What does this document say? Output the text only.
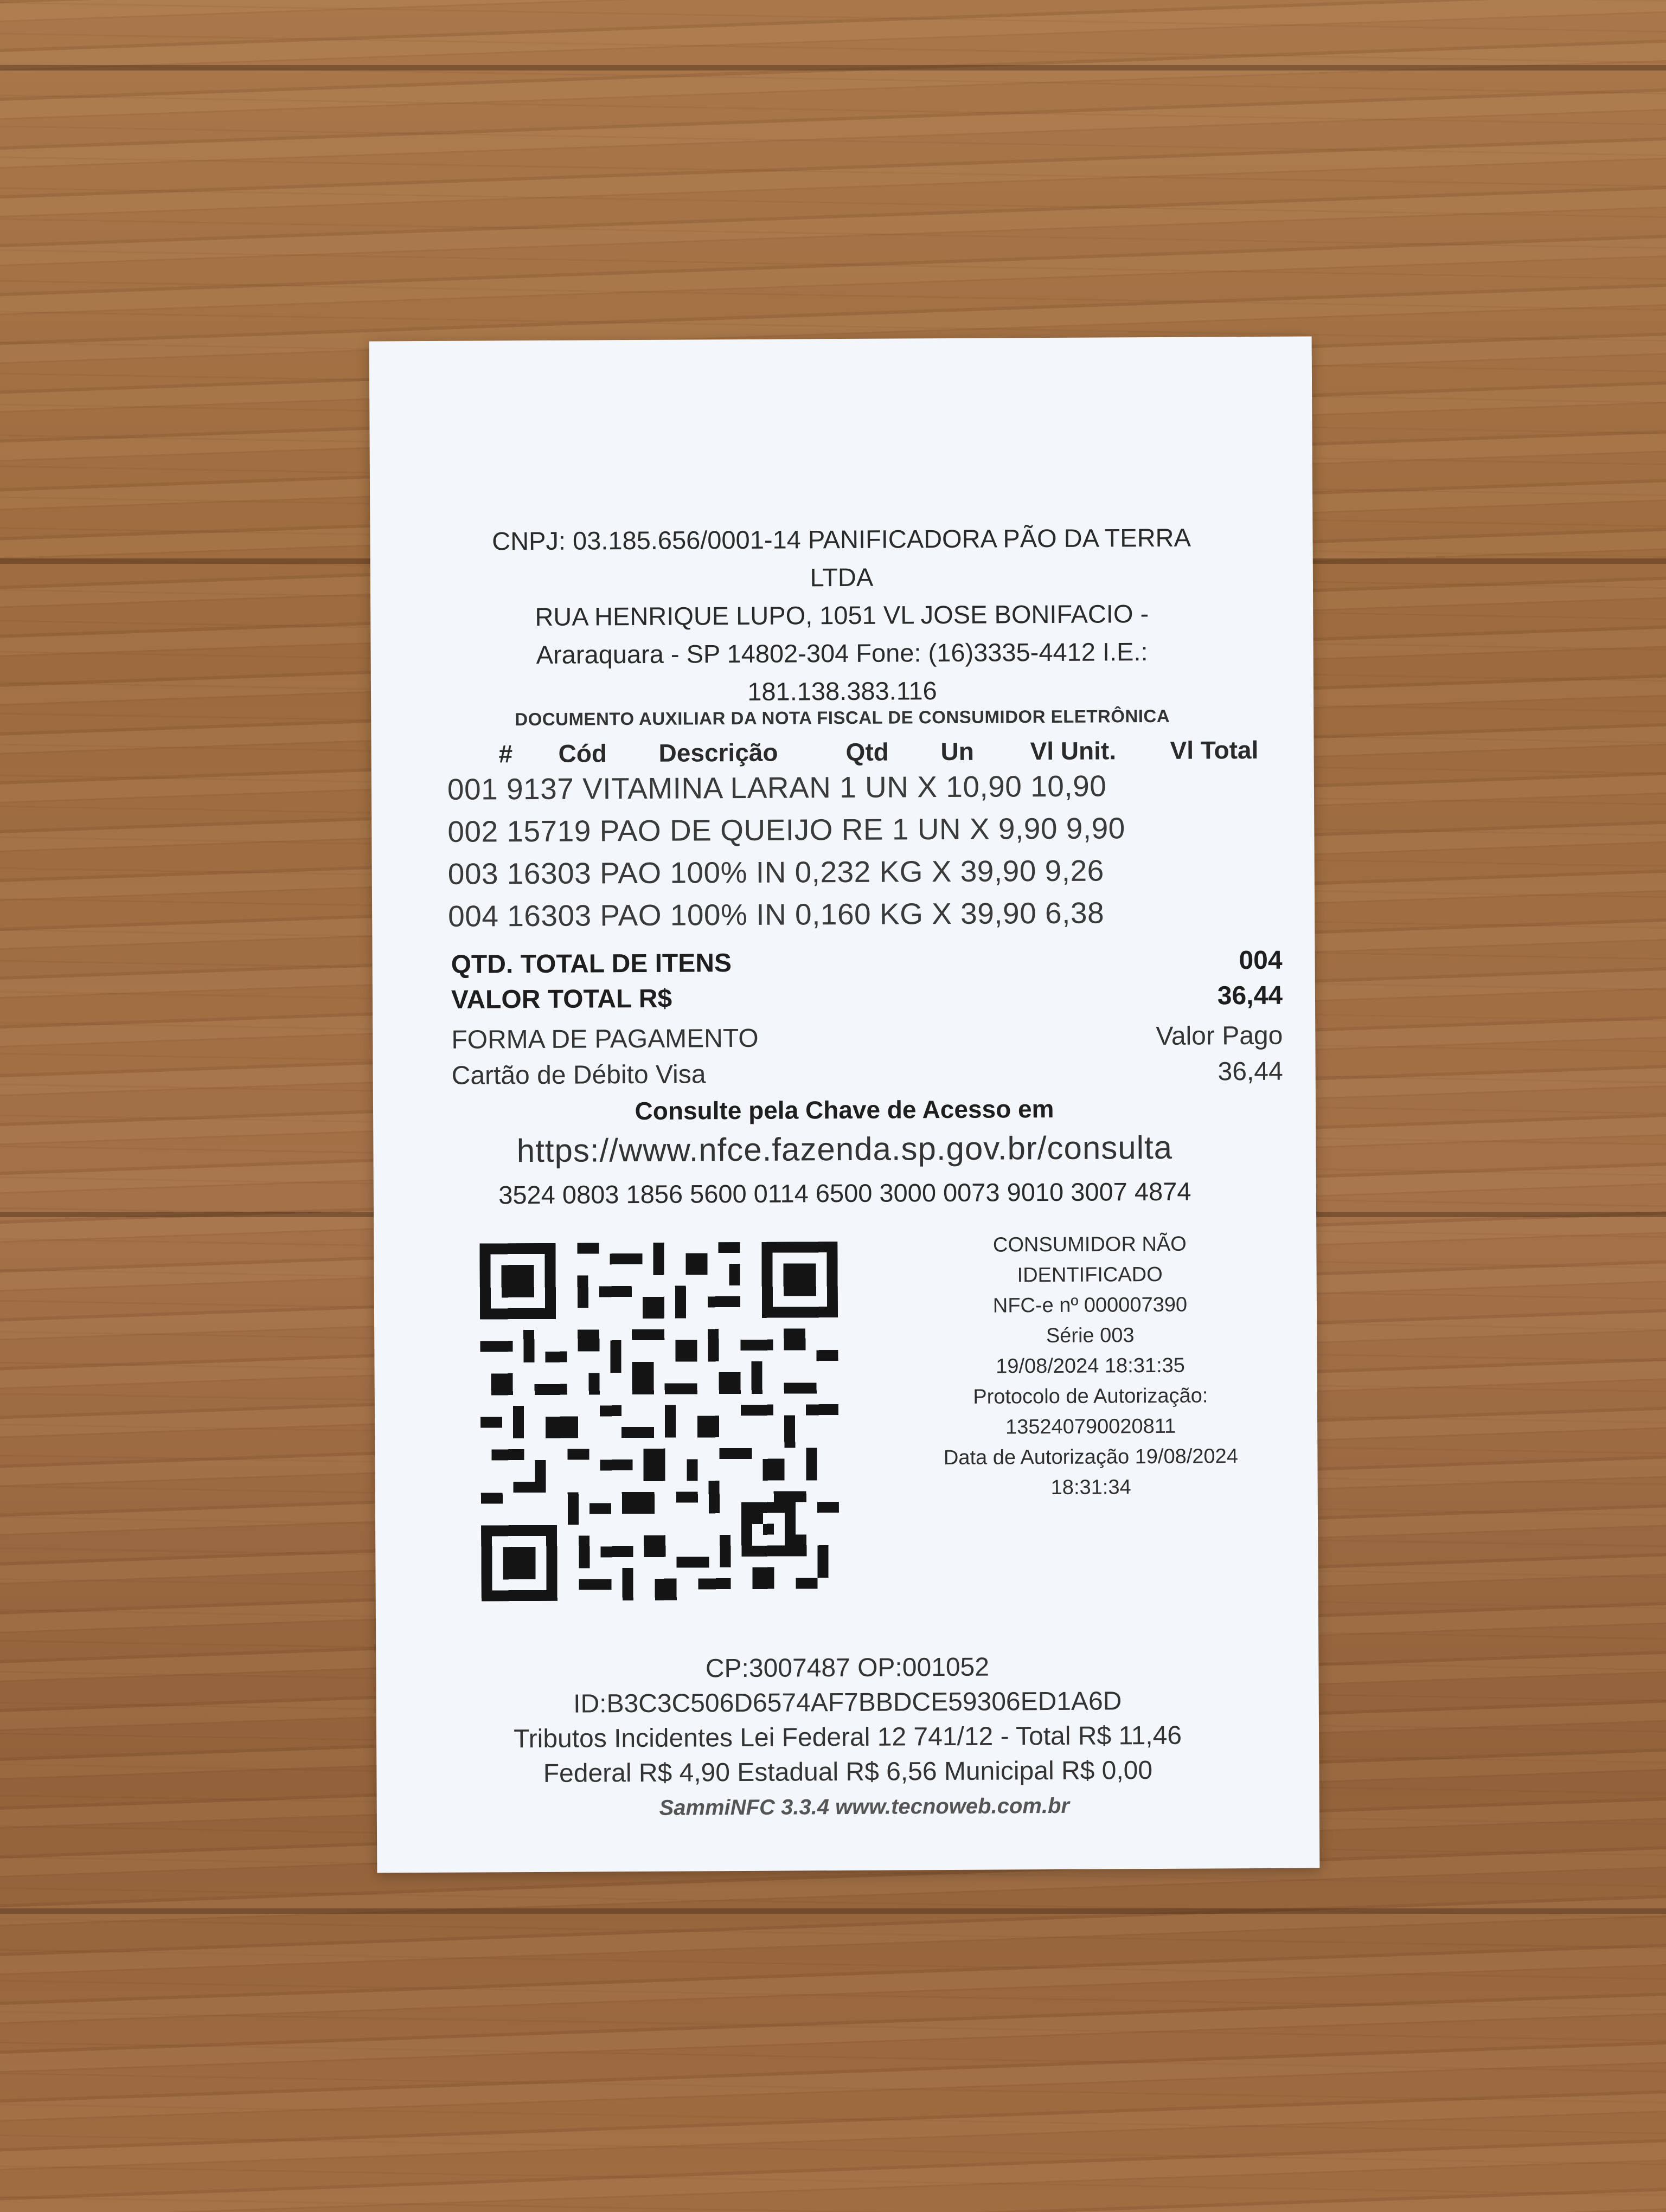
CNPJ: 03.185.656/0001-14 PANIFICADORA PÃO DA TERRA
LTDA
RUA HENRIQUE LUPO, 1051 VL JOSE BONIFACIO -
Araraquara - SP 14802-304 Fone: (16)3335-4412 I.E.:
181.138.383.116
DOCUMENTO AUXILIAR DA NOTA FISCAL DE CONSUMIDOR ELETRÔNICA
# Cód Descrição	Qtd Un Vl Unit. Vl Total
001 9137 VITAMINA LARAN 1 UN X 10,90 10,90
002 15719 PAO DE QUEIJO RE 1 UN X 9,90 9,90
003 16303 PAO 100% IN 0,232 KG X 39,90 9,26
004 16303 PAO 100% IN 0,160 KG X 39,90 6,38
QTD. TOTAL DE ITENS	004
VALOR TOTAL R$	36,44
FORMA DE PAGAMENTO	Valor Pago
Cartão de Débito Visa	36,44
Consulte pela Chave de Acesso em
https://www.nfce.fazenda.sp.gov.br/consulta
3524 0803 1856 5600 0114 6500 3000 0073 9010 3007 4874
CONSUMIDOR NÃO
IDENTIFICADO
NFC-e nº 000007390
Série 003
19/08/2024 18:31:35
Protocolo de Autorização:
135240790020811
Data de Autorização 19/08/2024
18:31:34
CP:3007487 OP:001052
ID:B3C3C506D6574AF7BBDCE59306ED1A6D
Tributos Incidentes Lei Federal 12 741/12 - Total R$ 11,46
Federal R$ 4,90 Estadual R$ 6,56 Municipal R$ 0,00
SammiNFC 3.3.4 www.tecnoweb.com.br
